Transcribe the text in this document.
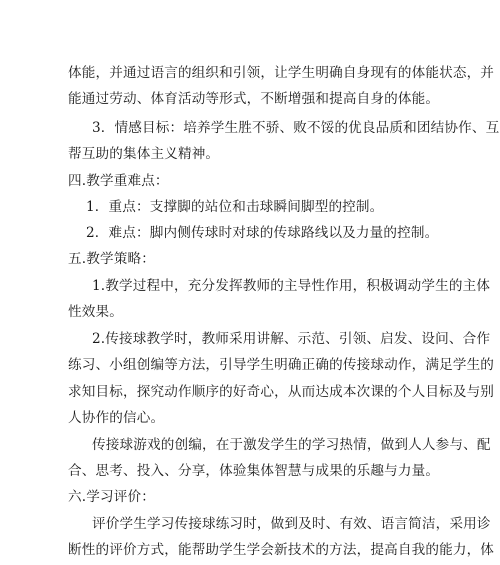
体能，并通过语言的组织和引领，让学生明确自身现有的体能状态，并
能通过劳动、体育活动等形式，不断增强和提高自身的体能。
3．情感目标：培养学生胜不骄、败不馁的优良品质和团结协作、互
帮互助的集体主义精神。
四.教学重难点：
1．重点：支撑脚的站位和击球瞬间脚型的控制。
2．难点：脚内侧传球时对球的传球路线以及力量的控制。
五.教学策略：
1.教学过程中，充分发挥教师的主导性作用，积极调动学生的主体
性效果。
2.传接球教学时，教师采用讲解、示范、引领、启发、设问、合作
练习、小组创编等方法，引导学生明确正确的传接球动作，满足学生的
求知目标，探究动作顺序的好奇心，从而达成本次课的个人目标及与别
人协作的信心。
传接球游戏的创编，在于激发学生的学习热情，做到人人参与、配
合、思考、投入、分享，体验集体智慧与成果的乐趣与力量。
六.学习评价：
评价学生学习传接球练习时，做到及时、有效、语言简洁，采用诊
断性的评价方式，能帮助学生学会新技术的方法，提高自我的能力，体
